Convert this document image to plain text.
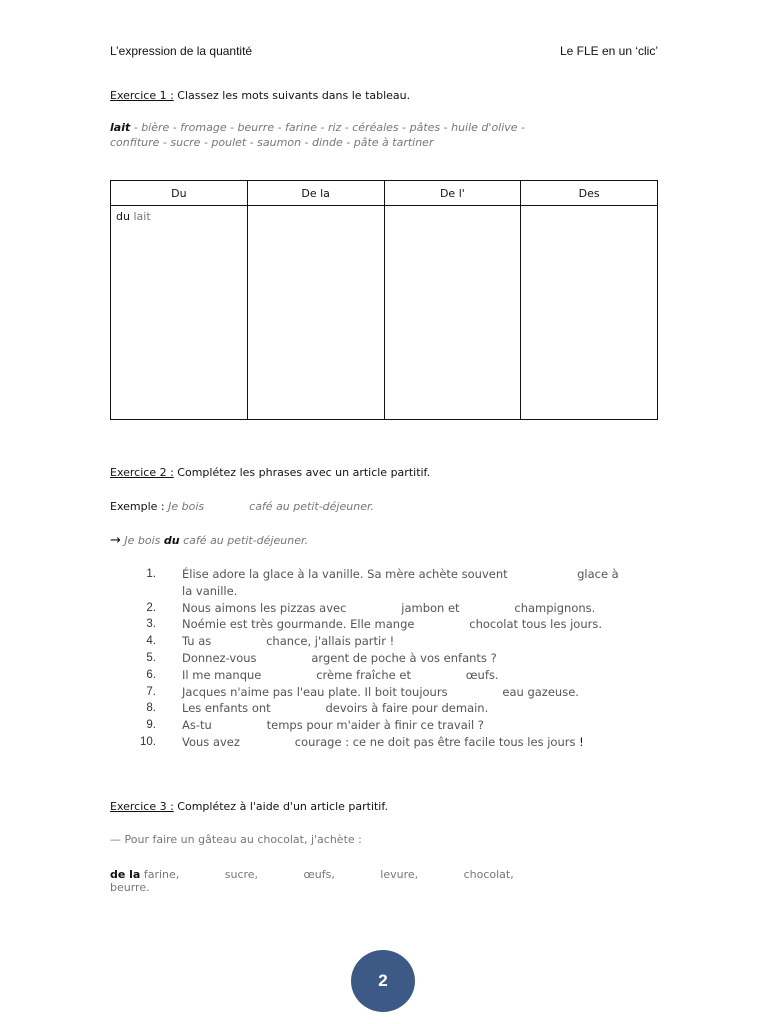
L’expression de la quantité	Le FLE en un ‘clic’
Exercice 1 : Classez les mots suivants dans le tableau.
lait - bière - fromage - beurre - farine - riz - céréales - pâtes - huile d'olive -
confiture - sucre - poulet - saumon - dinde - pâte à tartiner
Du	De la	De l'	Des
du lait			
Exercice 2 : Complétez les phrases avec un article partitif.
Exemple : Je bois	café au petit-déjeuner.
→ Je bois du café au petit-déjeuner.
1. Élise adore la glace à la vanille. Sa mère achète souvent                   glace à
la vanille.
2. Nous aimons les pizzas avec               jambon et               champignons.
3. Noémie est très gourmande. Elle mange               chocolat tous les jours.
4. Tu as               chance, j'allais partir !
5. Donnez-vous               argent de poche à vos enfants ?
6. Il me manque               crème fraîche et               œufs.
7. Jacques n'aime pas l'eau plate. Il boit toujours               eau gazeuse.
8. Les enfants ont               devoirs à faire pour demain.
9. As-tu               temps pour m'aider à finir ce travail ?
10. Vous avez               courage : ce ne doit pas être facile tous les jours !
Exercice 3 : Complétez à l'aide d'un article partitif.
— Pour faire un gâteau au chocolat, j'achète :
de la farine,             sucre,             œufs,             levure,             chocolat,
beurre.
2
